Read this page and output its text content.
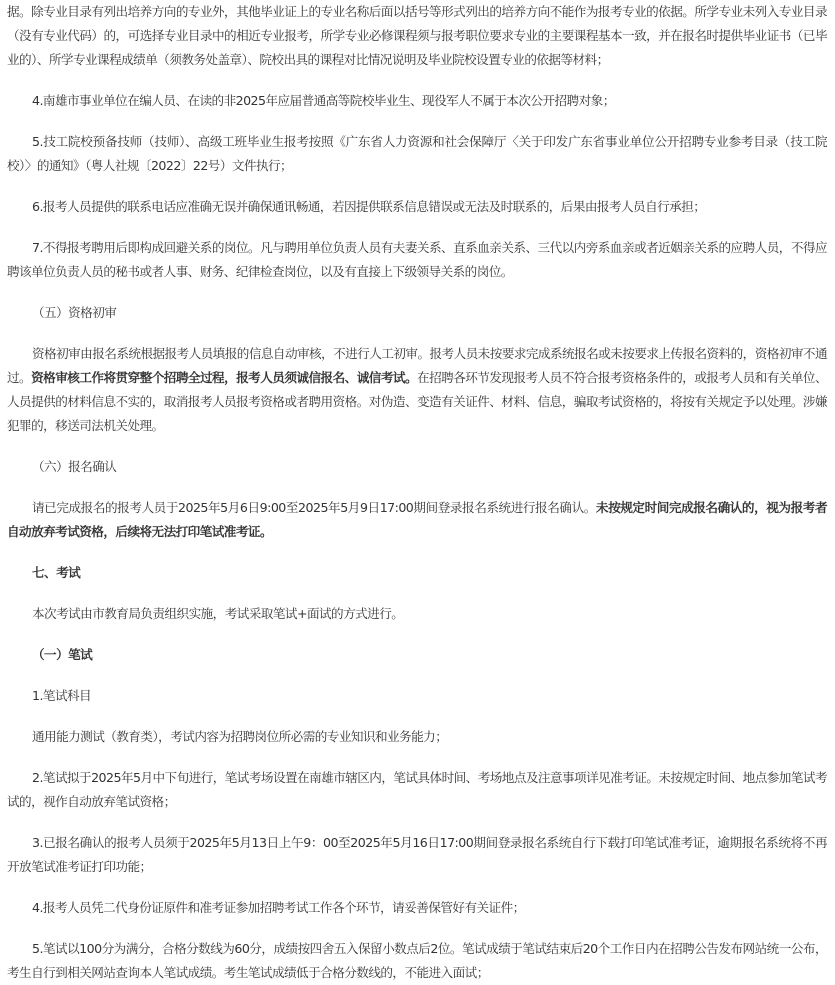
据。除专业目录有列出培养方向的专业外，其他毕业证上的专业名称后面以括号等形式列出的培养方向不能作为报考专业的依据。所学专业未列入专业目录（没有专业代码）的，可选择专业目录中的相近专业报考，所学专业必修课程须与报考职位要求专业的主要课程基本一致，并在报名时提供毕业证书（已毕业的）、所学专业课程成绩单（须教务处盖章）、院校出具的课程对比情况说明及毕业院校设置专业的依据等材料；

4.南雄市事业单位在编人员、在读的非2025年应届普通高等院校毕业生、现役军人不属于本次公开招聘对象；

5.技工院校预备技师（技师）、高级工班毕业生报考按照《广东省人力资源和社会保障厅〈关于印发广东省事业单位公开招聘专业参考目录（技工院校）〉的通知》（粤人社规〔2022〕22号）文件执行；

6.报考人员提供的联系电话应准确无误并确保通讯畅通，若因提供联系信息错误或无法及时联系的，后果由报考人员自行承担；

7.不得报考聘用后即构成回避关系的岗位。凡与聘用单位负责人员有夫妻关系、直系血亲关系、三代以内旁系血亲或者近姻亲关系的应聘人员，不得应聘该单位负责人员的秘书或者人事、财务、纪律检查岗位，以及有直接上下级领导关系的岗位。

（五）资格初审

资格初审由报名系统根据报考人员填报的信息自动审核，不进行人工初审。报考人员未按要求完成系统报名或未按要求上传报名资料的，资格初审不通过。资格审核工作将贯穿整个招聘全过程，报考人员须诚信报名、诚信考试。在招聘各环节发现报考人员不符合报考资格条件的，或报考人员和有关单位、人员提供的材料信息不实的，取消报考人员报考资格或者聘用资格。对伪造、变造有关证件、材料、信息，骗取考试资格的，将按有关规定予以处理。涉嫌犯罪的，移送司法机关处理。

（六）报名确认

请已完成报名的报考人员于2025年5月6日9:00至2025年5月9日17:00期间登录报名系统进行报名确认。未按规定时间完成报名确认的，视为报考者自动放弃考试资格，后续将无法打印笔试准考证。

七、考试

本次考试由市教育局负责组织实施，考试采取笔试+面试的方式进行。

（一）笔试

1.笔试科目

通用能力测试（教育类），考试内容为招聘岗位所必需的专业知识和业务能力；

2.笔试拟于2025年5月中下旬进行，笔试考场设置在南雄市辖区内，笔试具体时间、考场地点及注意事项详见准考证。未按规定时间、地点参加笔试考试的，视作自动放弃笔试资格；

3.已报名确认的报考人员须于2025年5月13日上午9：00至2025年5月16日17:00期间登录报名系统自行下载打印笔试准考证，逾期报名系统将不再开放笔试准考证打印功能；

4.报考人员凭二代身份证原件和准考证参加招聘考试工作各个环节，请妥善保管好有关证件；

5.笔试以100分为满分，合格分数线为60分，成绩按四舍五入保留小数点后2位。笔试成绩于笔试结束后20个工作日内在招聘公告发布网站统一公布，考生自行到相关网站查询本人笔试成绩。考生笔试成绩低于合格分数线的，不能进入面试；
